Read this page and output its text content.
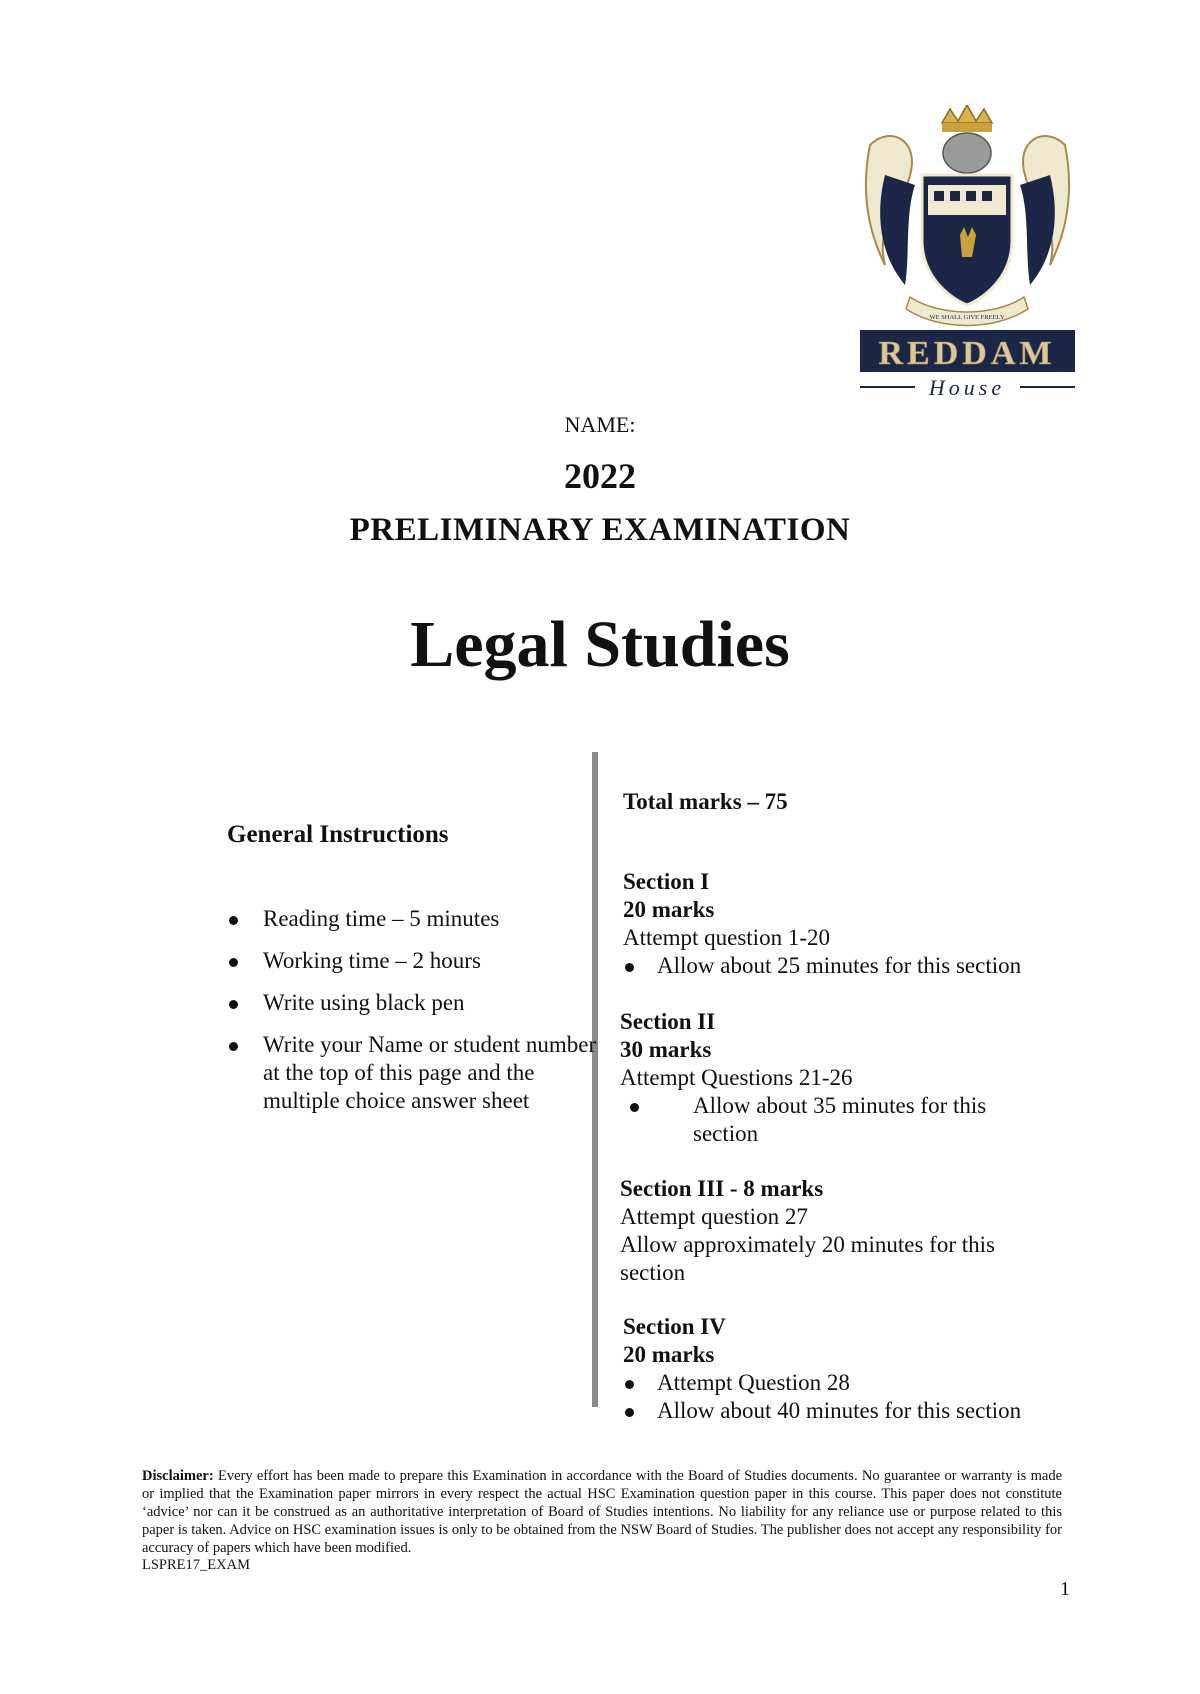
WE SHALL GIVE FREELY
REDDAM
House
NAME:
2022
PRELIMINARY EXAMINATION
Legal Studies
General Instructions
Reading time – 5 minutes
Working time – 2 hours
Write using black pen
Write your Name or student number at the top of this page and the multiple choice answer sheet
Total marks – 75
Section I
20 marks
Attempt question 1-20
Allow about 25 minutes for this section
Section II
30 marks
Attempt Questions 21-26
Allow about 35 minutes for this section
Section III - 8 marks
Attempt question 27
Allow approximately 20 minutes for this section
Section IV
20 marks
Attempt Question 28
Allow about 40 minutes for this section
Disclaimer: Every effort has been made to prepare this Examination in accordance with the Board of Studies documents. No guarantee or warranty is made or implied that the Examination paper mirrors in every respect the actual HSC Examination question paper in this course. This paper does not constitute ‘advice’ nor can it be construed as an authoritative interpretation of Board of Studies intentions. No liability for any reliance use or purpose related to this paper is taken. Advice on HSC examination issues is only to be obtained from the NSW Board of Studies. The publisher does not accept any responsibility for accuracy of papers which have been modified.
LSPRE17_EXAM
1
